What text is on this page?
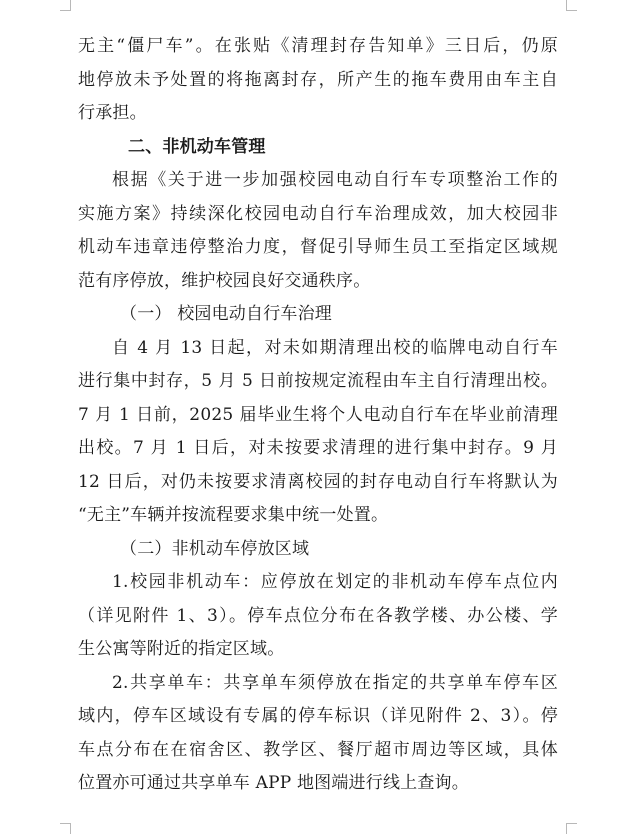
无主“僵尸车”。在张贴《清理封存告知单》三日后，仍原
地停放未予处置的将拖离封存，所产生的拖车费用由车主自
行承担。
二、非机动车管理
根据《关于进一步加强校园电动自行车专项整治工作的
实施方案》持续深化校园电动自行车治理成效，加大校园非
机动车违章违停整治力度，督促引导师生员工至指定区域规
范有序停放，维护校园良好交通秩序。
（一） 校园电动自行车治理
自 4 月 13 日起，对未如期清理出校的临牌电动自行车
进行集中封存，5 月 5 日前按规定流程由车主自行清理出校。
7 月 1 日前，2025 届毕业生将个人电动自行车在毕业前清理
出校。7 月 1 日后，对未按要求清理的进行集中封存。9 月
12 日后，对仍未按要求清离校园的封存电动自行车将默认为
“无主”车辆并按流程要求集中统一处置。
（二）非机动车停放区域
1.校园非机动车：应停放在划定的非机动车停车点位内
（详见附件 1、3）。停车点位分布在各教学楼、办公楼、学
生公寓等附近的指定区域。
2.共享单车：共享单车须停放在指定的共享单车停车区
域内，停车区域设有专属的停车标识（详见附件 2、3）。停
车点分布在在宿舍区、教学区、餐厅超市周边等区域，具体
位置亦可通过共享单车 APP 地图端进行线上查询。
